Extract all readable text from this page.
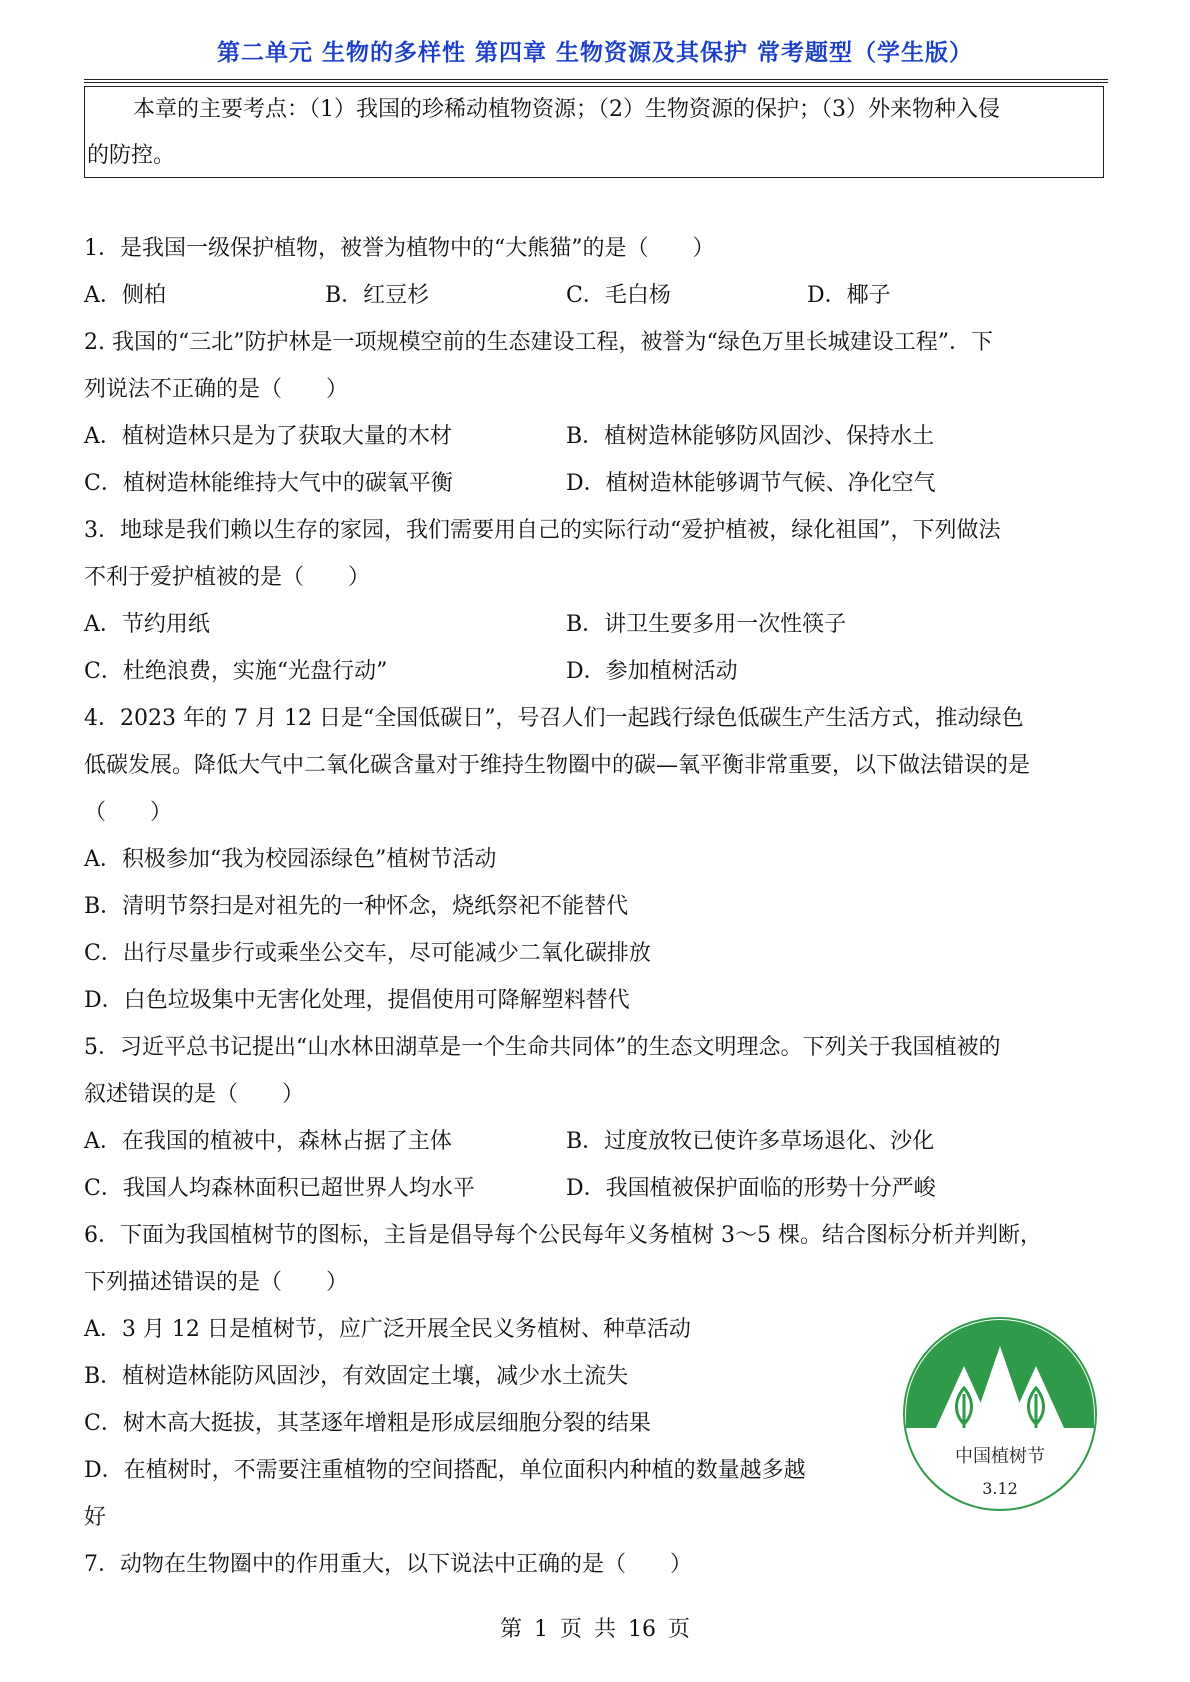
第二单元 生物的多样性 第四章 生物资源及其保护 常考题型（学生版）
本章的主要考点：（1）我国的珍稀动植物资源；（2）生物资源的保护；（3）外来物种入侵
的防控。
1．是我国一级保护植物，被誉为植物中的“大熊猫”的是（　　）
A．侧柏	B．红豆杉	C．毛白杨	D．椰子
2. 我国的“三北”防护林是一项规模空前的生态建设工程，被誉为“绿色万里长城建设工程”．下
列说法不正确的是（　　）
A．植树造林只是为了获取大量的木材	B．植树造林能够防风固沙、保持水土
C．植树造林能维持大气中的碳氧平衡	D．植树造林能够调节气候、净化空气
3．地球是我们赖以生存的家园，我们需要用自己的实际行动“爱护植被，绿化祖国”，下列做法
不利于爱护植被的是（　　）
A．节约用纸	B．讲卫生要多用一次性筷子
C．杜绝浪费，实施“光盘行动”	D．参加植树活动
4．2023 年的 7 月 12 日是“全国低碳日”，号召人们一起践行绿色低碳生产生活方式，推动绿色
低碳发展。降低大气中二氧化碳含量对于维持生物圈中的碳—氧平衡非常重要，以下做法错误的是
（　　）
A．积极参加“我为校园添绿色”植树节活动
B．清明节祭扫是对祖先的一种怀念，烧纸祭祀不能替代
C．出行尽量步行或乘坐公交车，尽可能减少二氧化碳排放
D．白色垃圾集中无害化处理，提倡使用可降解塑料替代
5．习近平总书记提出“山水林田湖草是一个生命共同体”的生态文明理念。下列关于我国植被的
叙述错误的是（　　）
A．在我国的植被中，森林占据了主体	B．过度放牧已使许多草场退化、沙化
C．我国人均森林面积已超世界人均水平	D．我国植被保护面临的形势十分严峻
6．下面为我国植树节的图标，主旨是倡导每个公民每年义务植树 3～5 棵。结合图标分析并判断，
下列描述错误的是（　　）
A．3 月 12 日是植树节，应广泛开展全民义务植树、种草活动
B．植树造林能防风固沙，有效固定土壤，减少水土流失
C．树木高大挺拔，其茎逐年增粗是形成层细胞分裂的结果
D．在植树时，不需要注重植物的空间搭配，单位面积内种植的数量越多越
好
7．动物在生物圈中的作用重大，以下说法中正确的是（　　）
中国植树节
3.12
第 1 页 共 16 页
